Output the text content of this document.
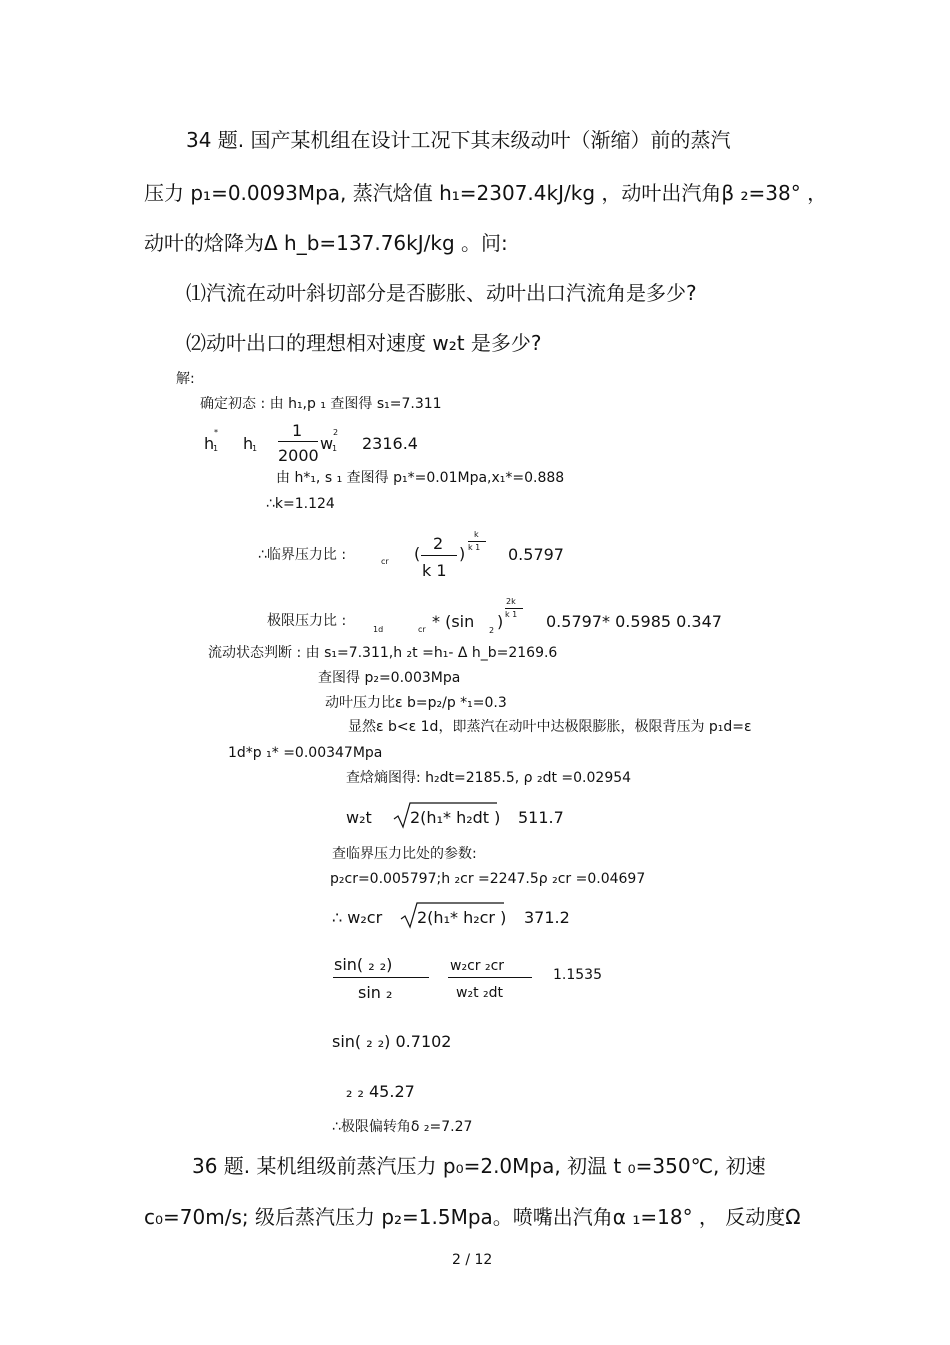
34 题. 国产某机组在设计工况下其末级动叶（渐缩）前的蒸汽
压力 p₁=0.0093Mpa, 蒸汽焓值 h₁=2307.4kJ/kg ，动叶出汽角β ₂=38° ，
动叶的焓降为Δ h_b=137.76kJ/kg 。问:
⑴汽流在动叶斜切部分是否膨胀、动叶出口汽流角是多少?
⑵动叶出口的理想相对速度 w₂t 是多少?
解:
确定初态 : 由 h₁,p ₁ 查图得 s₁=7.311
h
*
1 h
1
1
2000
w
2
1 2316.4
由 h*₁, s ₁ 查图得 p₁*=0.01Mpa,x₁*=0.888
∴k=1.124
∴临界压力比 :	cr (
2
k 1
)
k
k 1 0.5797
极限压力比 :
1d	cr * (sin 2 )
2k
k 1 0.5797* 0.5985 0.347
流动状态判断 : 由 s₁=7.311,h ₂t =h₁- Δ h_b=2169.6
查图得 p₂=0.003Mpa
动叶压力比ε b=p₂/p *₁=0.3
显然ε b<ε 1d，即蒸汽在动叶中达极限膨胀，极限背压为 p₁d=ε
1d*p ₁* =0.00347Mpa
查焓熵图得: h₂dt=2185.5, ρ ₂dt =0.02954
w₂t 2(h₁* h₂dt ) 511.7
查临界压力比处的参数:
p₂cr=0.005797;h ₂cr =2247.5ρ ₂cr =0.04697
∴ w₂cr 2(h₁* h₂cr ) 371.2
sin( ₂ ₂)
sin ₂
w₂cr ₂cr
w₂t ₂dt
1.1535
sin( ₂ ₂) 0.7102
₂ ₂ 45.27
∴极限偏转角δ ₂=7.27
36 题. 某机组级前蒸汽压力 p₀=2.0Mpa, 初温 t ₀=350℃, 初速
c₀=70m/s; 级后蒸汽压力 p₂=1.5Mpa。喷嘴出汽角α ₁=18° ， 反动度Ω
2 / 12
